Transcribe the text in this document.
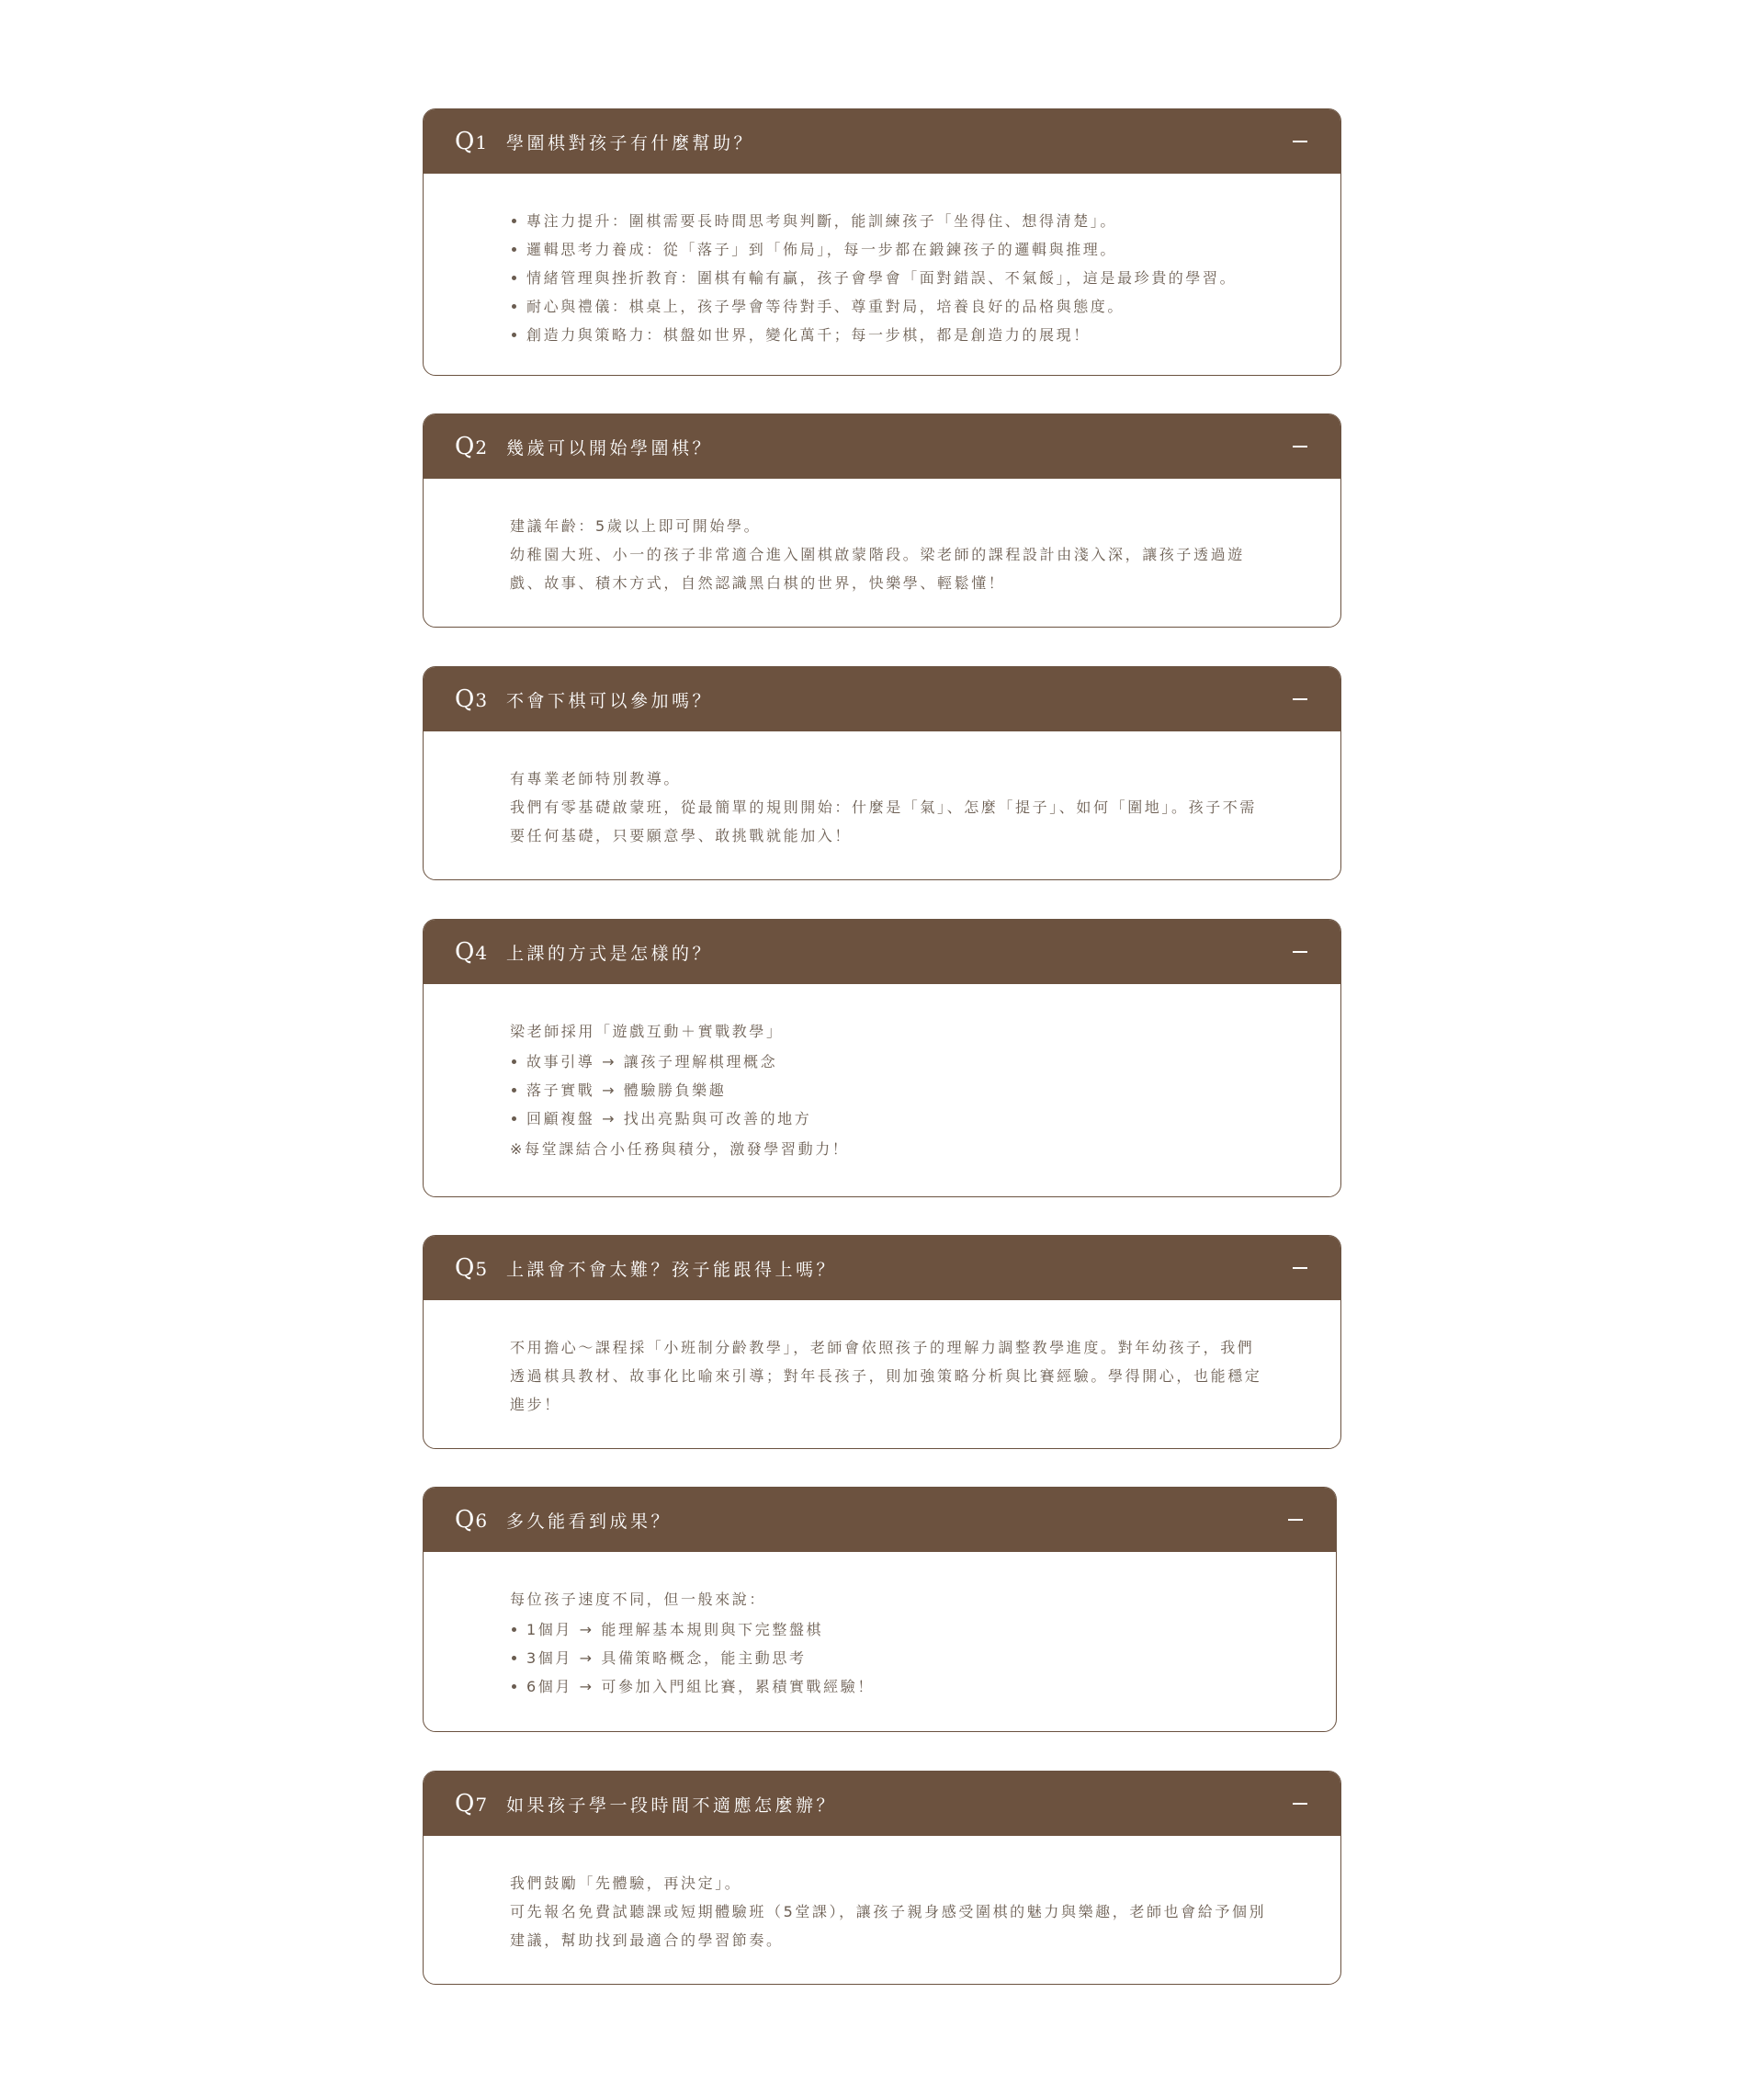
Q1	學圍棋對孩子有什麼幫助？
專注力提升：圍棋需要長時間思考與判斷，能訓練孩子「坐得住、想得清楚」。
邏輯思考力養成：從「落子」到「佈局」，每一步都在鍛鍊孩子的邏輯與推理。
情緒管理與挫折教育：圍棋有輸有贏，孩子會學會「面對錯誤、不氣餒」，這是最珍貴的學習。
耐心與禮儀：棋桌上，孩子學會等待對手、尊重對局，培養良好的品格與態度。
創造力與策略力：棋盤如世界，變化萬千；每一步棋，都是創造力的展現！
Q2	幾歲可以開始學圍棋？

建議年齡：5歲以上即可開始學。

幼稚園大班、小一的孩子非常適合進入圍棋啟蒙階段。梁老師的課程設計由淺入深，讓孩子透過遊戲、故事、積木方式，自然認識黑白棋的世界，快樂學、輕鬆懂！

Q3	不會下棋可以參加嗎？

有專業老師特別教導。

我們有零基礎啟蒙班，從最簡單的規則開始：什麼是「氣」、怎麼「提子」、如何「圍地」。孩子不需要任何基礎，只要願意學、敢挑戰就能加入！

Q4	上課的方式是怎樣的？

梁老師採用「遊戲互動＋實戰教學」

故事引導 → 讓孩子理解棋理概念
落子實戰 → 體驗勝負樂趣
回顧複盤 → 找出亮點與可改善的地方

※每堂課結合小任務與積分，激發學習動力！

Q5	上課會不會太難？孩子能跟得上嗎？

不用擔心～課程採「小班制分齡教學」，老師會依照孩子的理解力調整教學進度。對年幼孩子，我們透過棋具教材、故事化比喻來引導；對年長孩子，則加強策略分析與比賽經驗。學得開心，也能穩定進步！

Q6	多久能看到成果？

每位孩子速度不同，但一般來說：

1個月 → 能理解基本規則與下完整盤棋
3個月 → 具備策略概念，能主動思考
6個月 → 可參加入門組比賽，累積實戰經驗！
Q7	如果孩子學一段時間不適應怎麼辦？

我們鼓勵「先體驗，再決定」。

可先報名免費試聽課或短期體驗班（5堂課），讓孩子親身感受圍棋的魅力與樂趣，老師也會給予個別建議，幫助找到最適合的學習節奏。
